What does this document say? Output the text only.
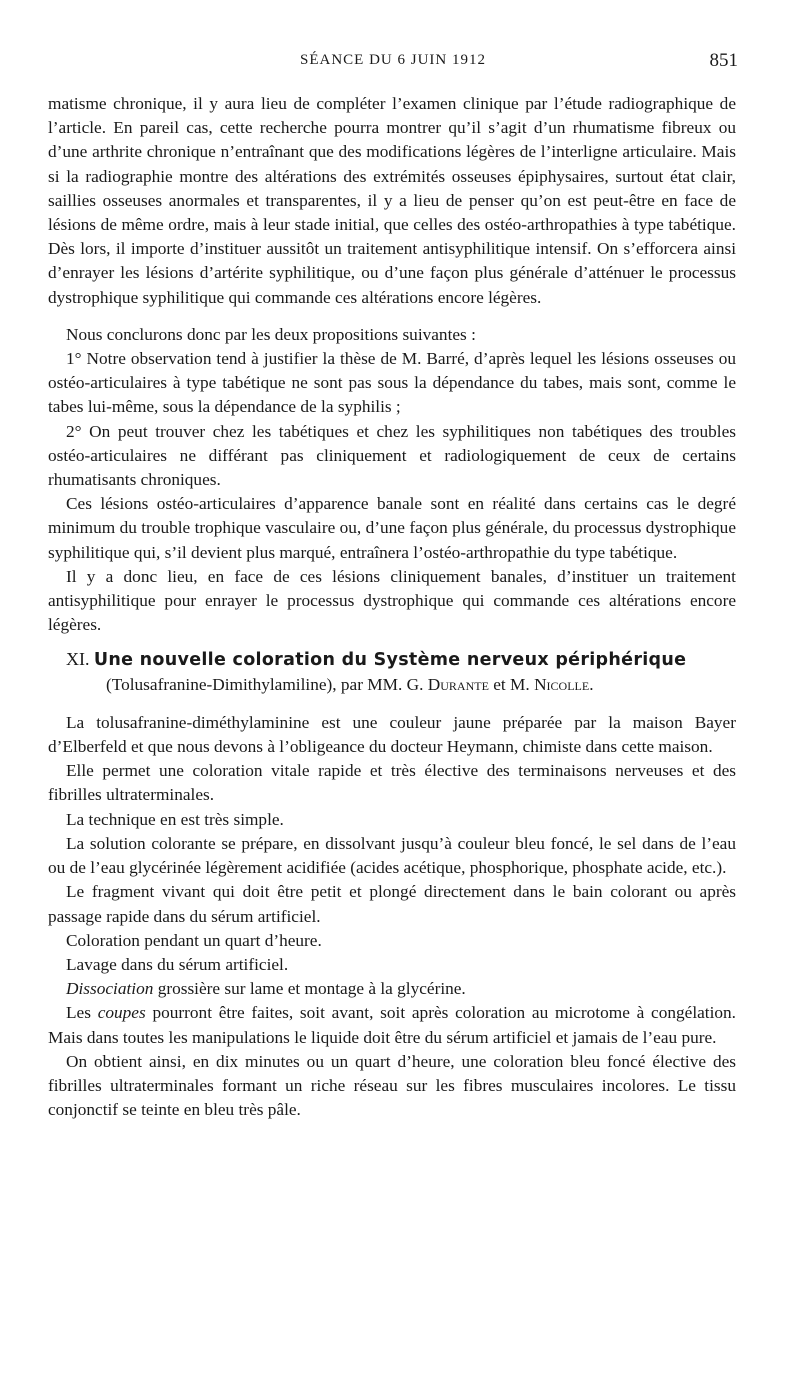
SÉANCE DU 6 JUIN 1912	851

matisme chronique, il y aura lieu de compléter l’examen clinique par l’étude radiographique de l’article. En pareil cas, cette recherche pourra montrer qu’il s’agit d’un rhumatisme fibreux ou d’une arthrite chronique n’entraînant que des modifications légères de l’interligne articulaire. Mais si la radiographie montre des altérations des extrémités osseuses épiphysaires, surtout état clair, saillies osseuses anormales et transparentes, il y a lieu de penser qu’on est peut-être en face de lésions de même ordre, mais à leur stade initial, que celles des ostéo-arthropathies à type tabétique. Dès lors, il importe d’instituer aussitôt un traitement antisyphilitique intensif. On s’efforcera ainsi d’enrayer les lésions d’artérite syphilitique, ou d’une façon plus générale d’atténuer le processus dystrophique syphilitique qui commande ces altérations encore légères.

Nous conclurons donc par les deux propositions suivantes :

1° Notre observation tend à justifier la thèse de M. Barré, d’après lequel les lésions osseuses ou ostéo-articulaires à type tabétique ne sont pas sous la dépendance du tabes, mais sont, comme le tabes lui-même, sous la dépendance de la syphilis ;

2° On peut trouver chez les tabétiques et chez les syphilitiques non tabétiques des troubles ostéo-articulaires ne différant pas cliniquement et radiologiquement de ceux de certains rhumatisants chroniques.

Ces lésions ostéo-articulaires d’apparence banale sont en réalité dans certains cas le degré minimum du trouble trophique vasculaire ou, d’une façon plus générale, du processus dystrophique syphilitique qui, s’il devient plus marqué, entraînera l’ostéo-arthropathie du type tabétique.

Il y a donc lieu, en face de ces lésions cliniquement banales, d’instituer un traitement antisyphilitique pour enrayer le processus dystrophique qui commande ces altérations encore légères.

XI. Une nouvelle coloration du Système nerveux périphérique

(Tolusafranine-Dimithylamiline), par MM. G. Durante et M. Nicolle.

La tolusafranine-diméthylaminine est une couleur jaune préparée par la maison Bayer d’Elberfeld et que nous devons à l’obligeance du docteur Heymann, chimiste dans cette maison.

Elle permet une coloration vitale rapide et très élective des terminaisons nerveuses et des fibrilles ultraterminales.

La technique en est très simple.

La solution colorante se prépare, en dissolvant jusqu’à couleur bleu foncé, le sel dans de l’eau ou de l’eau glycérinée légèrement acidifiée (acides acétique, phosphorique, phosphate acide, etc.).

Le fragment vivant qui doit être petit et plongé directement dans le bain colorant ou après passage rapide dans du sérum artificiel.

Coloration pendant un quart d’heure.

Lavage dans du sérum artificiel.

Dissociation grossière sur lame et montage à la glycérine.

Les coupes pourront être faites, soit avant, soit après coloration au microtome à congélation. Mais dans toutes les manipulations le liquide doit être du sérum artificiel et jamais de l’eau pure.

On obtient ainsi, en dix minutes ou un quart d’heure, une coloration bleu foncé élective des fibrilles ultraterminales formant un riche réseau sur les fibres musculaires incolores. Le tissu conjonctif se teinte en bleu très pâle.
